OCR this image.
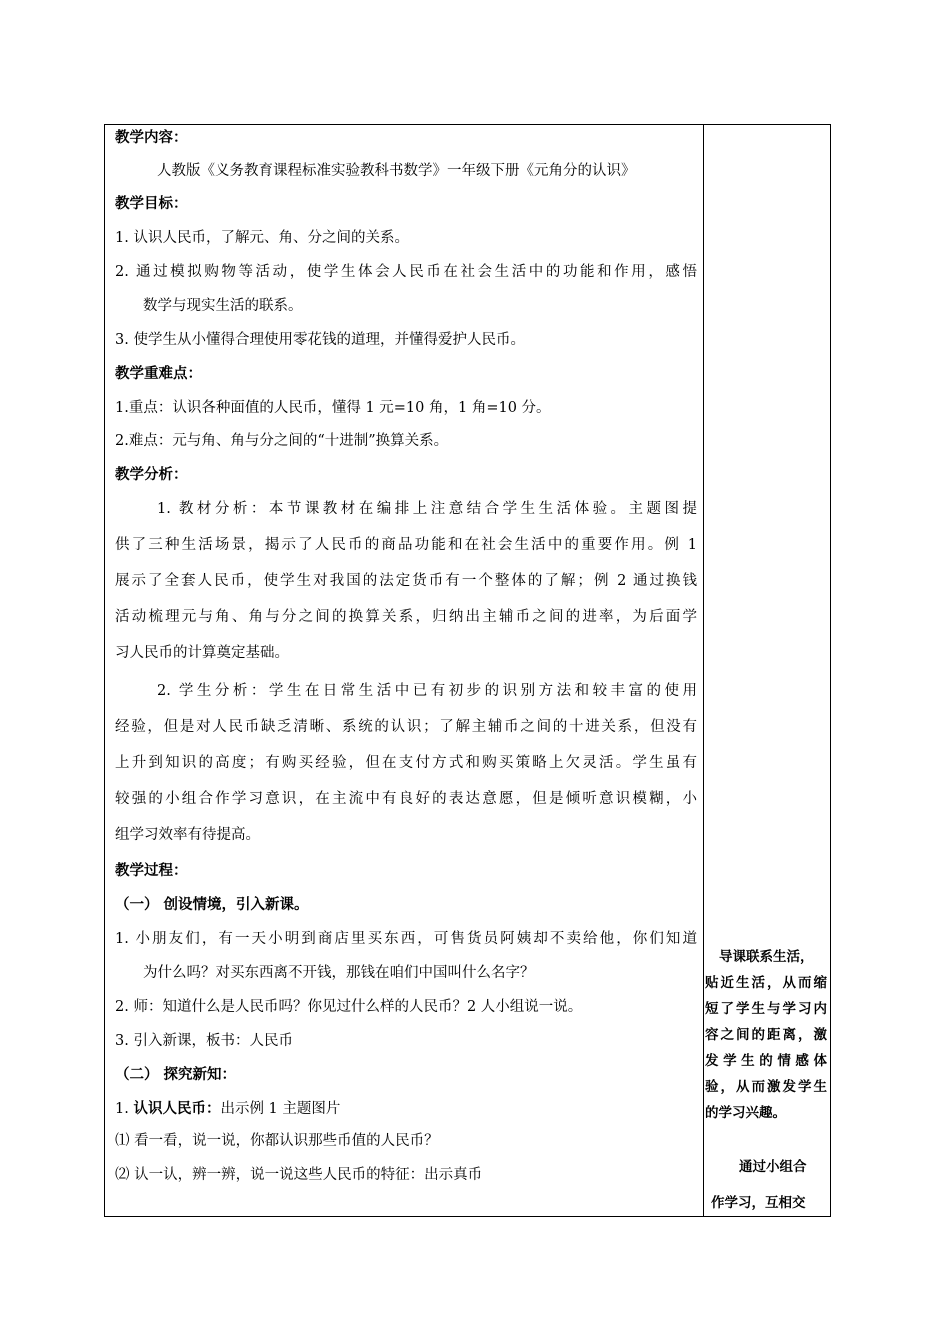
教学内容：
人教版《义务教育课程标准实验教科书数学》一年级下册《元角分的认识》
教学目标：
1. 认识人民币，了解元、角、分之间的关系。
2. 通过模拟购物等活动，使学生体会人民币在社会生活中的功能和作用，感悟
数学与现实生活的联系。
3. 使学生从小懂得合理使用零花钱的道理，并懂得爱护人民币。
教学重难点：
1.重点：认识各种面值的人民币，懂得 1 元=10 角，1 角=10 分。
2.难点：元与角、角与分之间的“十进制”换算关系。
教学分析：
1. 教材分析：本节课教材在编排上注意结合学生生活体验。主题图提
供了三种生活场景，揭示了人民币的商品功能和在社会生活中的重要作用。例 1
展示了全套人民币，使学生对我国的法定货币有一个整体的了解；例 2 通过换钱
活动梳理元与角、角与分之间的换算关系，归纳出主辅币之间的进率，为后面学
习人民币的计算奠定基础。
2. 学生分析：学生在日常生活中已有初步的识别方法和较丰富的使用
经验，但是对人民币缺乏清晰、系统的认识；了解主辅币之间的十进关系，但没有
上升到知识的高度；有购买经验，但在支付方式和购买策略上欠灵活。学生虽有
较强的小组合作学习意识，在主流中有良好的表达意愿，但是倾听意识模糊，小
组学习效率有待提高。
教学过程：
（一） 创设情境，引入新课。
1. 小朋友们，有一天小明到商店里买东西，可售货员阿姨却不卖给他，你们知道
为什么吗？对买东西离不开钱，那钱在咱们中国叫什么名字？
2. 师：知道什么是人民币吗？你见过什么样的人民币？2 人小组说一说。
3. 引入新课，板书：人民币
（二） 探究新知：
1. 认识人民币：出示例 1 主题图片
⑴ 看一看，说一说，你都认识那些币值的人民币？
⑵ 认一认，辨一辨，说一说这些人民币的特征：出示真币
导课联系生活，
贴近生活，从而缩
短了学生与学习内
容之间的距离，激
发学生的情感体
验，从而激发学生
的学习兴趣。
通过小组合
作学习，互相交
